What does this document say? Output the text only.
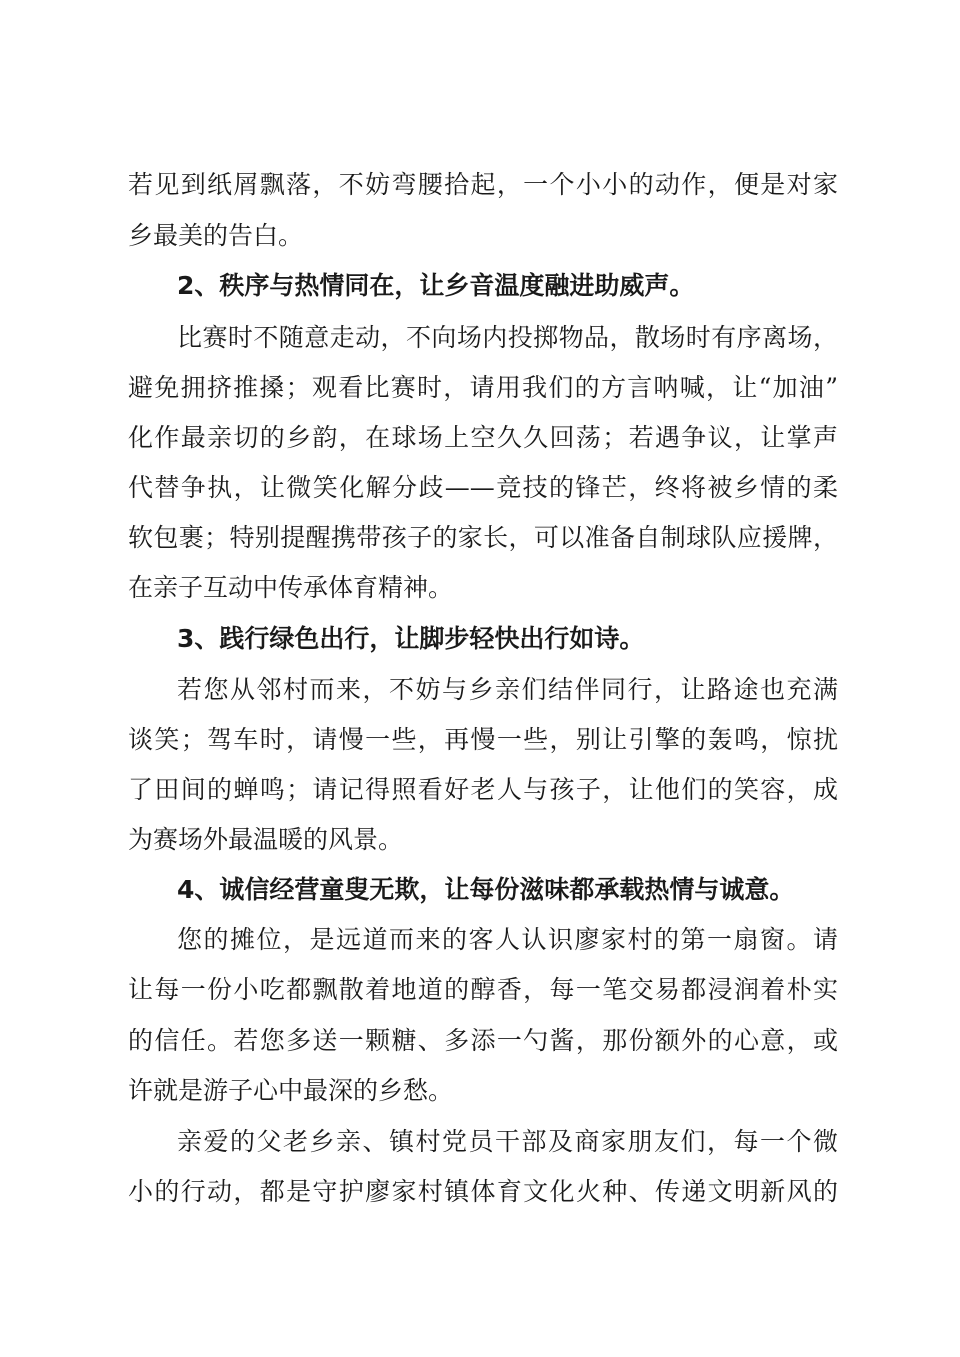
若见到纸屑飘落，不妨弯腰拾起，一个小小的动作，便是对家
乡最美的告白。
2、秩序与热情同在，让乡音温度融进助威声。
比赛时不随意走动，不向场内投掷物品，散场时有序离场，
避免拥挤推搡；观看比赛时，请用我们的方言呐喊，让“加油”
化作最亲切的乡韵，在球场上空久久回荡；若遇争议，让掌声
代替争执，让微笑化解分歧——竞技的锋芒，终将被乡情的柔
软包裹；特别提醒携带孩子的家长，可以准备自制球队应援牌，
在亲子互动中传承体育精神。
3、践行绿色出行，让脚步轻快出行如诗。
若您从邻村而来，不妨与乡亲们结伴同行，让路途也充满
谈笑；驾车时，请慢一些，再慢一些，别让引擎的轰鸣，惊扰
了田间的蝉鸣；请记得照看好老人与孩子，让他们的笑容，成
为赛场外最温暖的风景。
4、诚信经营童叟无欺，让每份滋味都承载热情与诚意。
您的摊位，是远道而来的客人认识廖家村的第一扇窗。请
让每一份小吃都飘散着地道的醇香，每一笔交易都浸润着朴实
的信任。若您多送一颗糖、多添一勺酱，那份额外的心意，或
许就是游子心中最深的乡愁。
亲爱的父老乡亲、镇村党员干部及商家朋友们，每一个微
小的行动，都是守护廖家村镇体育文化火种、传递文明新风的
